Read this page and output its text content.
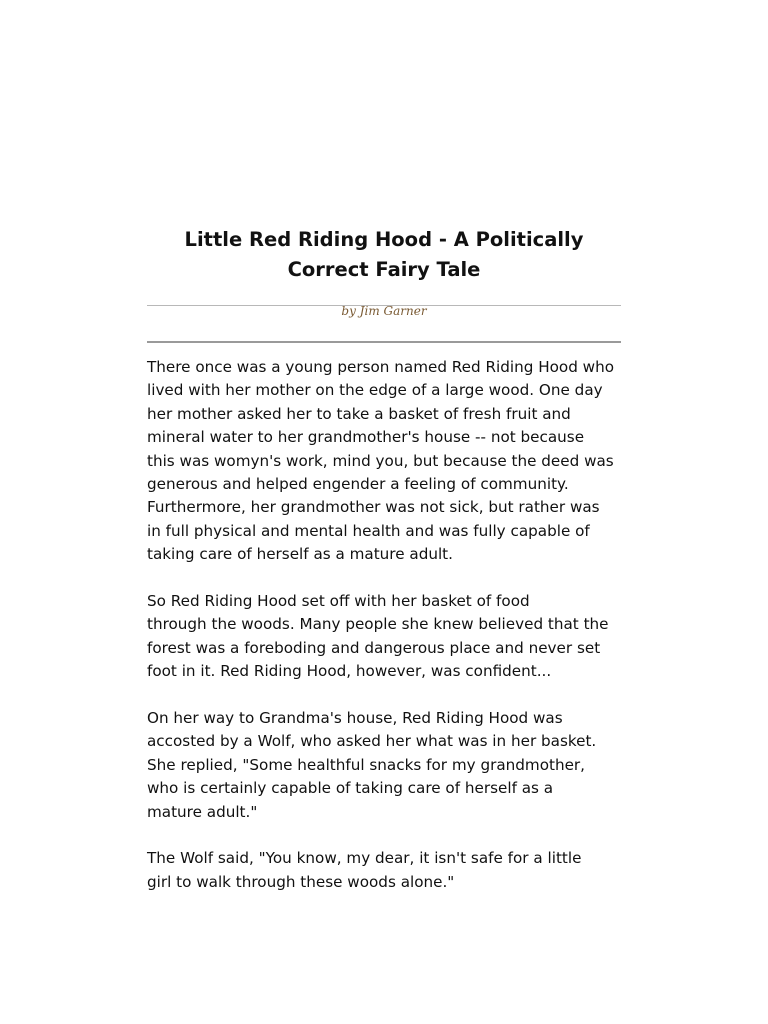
Little Red Riding Hood - A Politically
Correct Fairy Tale
by Jim Garner

There once was a young person named Red Riding Hood who
lived with her mother on the edge of a large wood. One day
her mother asked her to take a basket of fresh fruit and
mineral water to her grandmother's house -- not because
this was womyn's work, mind you, but because the deed was
generous and helped engender a feeling of community.
Furthermore, her grandmother was not sick, but rather was
in full physical and mental health and was fully capable of
taking care of herself as a mature adult.

So Red Riding Hood set off with her basket of food
through the woods. Many people she knew believed that the
forest was a foreboding and dangerous place and never set
foot in it. Red Riding Hood, however, was confident...

On her way to Grandma's house, Red Riding Hood was
accosted by a Wolf, who asked her what was in her basket.
She replied, "Some healthful snacks for my grandmother,
who is certainly capable of taking care of herself as a
mature adult."

The Wolf said, "You know, my dear, it isn't safe for a little
girl to walk through these woods alone."
